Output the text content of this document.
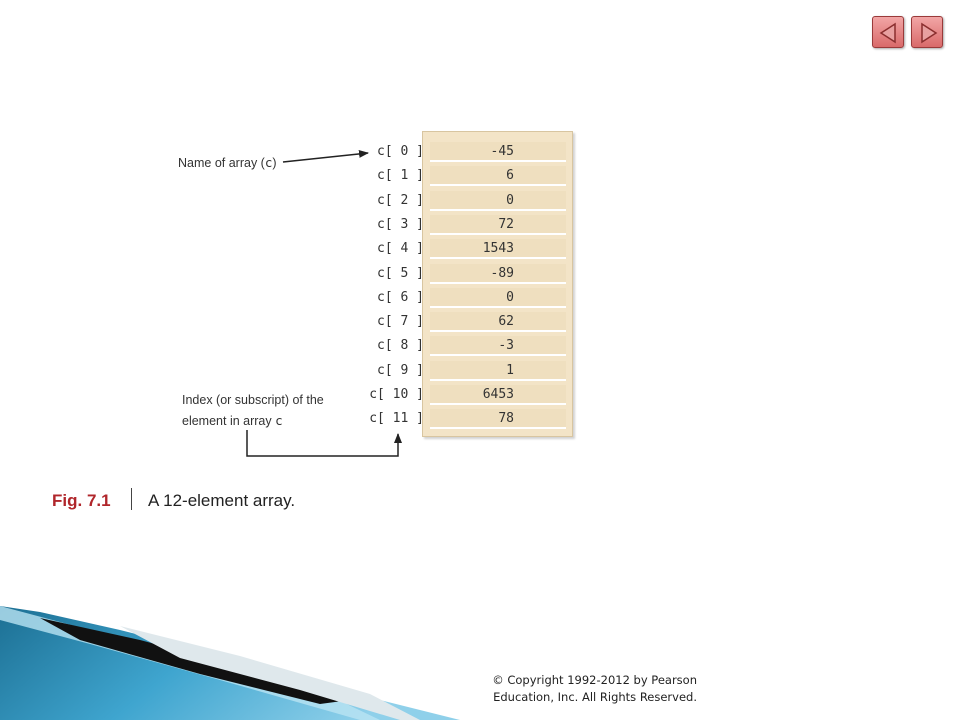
c[ 0 ]	-45
c[ 1 ]	6
c[ 2 ]	0
c[ 3 ]	72
c[ 4 ]	1543
c[ 5 ]	-89
c[ 6 ]	0
c[ 7 ]	62
c[ 8 ]	-3
c[ 9 ]	1
c[ 10 ]	6453
c[ 11 ]	78
Name of array (c)
Index (or subscript) of the
element in array c
Fig. 7.1 A 12-element array.
© Copyright 1992-2012 by Pearson
Education, Inc. All Rights Reserved.
